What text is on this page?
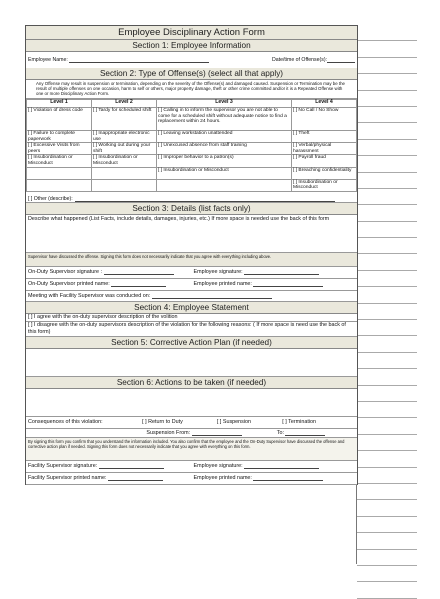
Employee Disciplinary Action Form
Section 1: Employee Information
Employee Name:	Date/time of Offense(s):
Section 2: Type of Offense(s) (select all that apply)
Any Offense may result in suspension or termination, depending on the severity of the Offense(s) and damaged caused. Suspension or Termination may be the result of multiple offenses on one occasion, harm to self or others, major property damage, theft or other crime committed and/or it is a Repeated Offense with one or more Disciplinary Action Form.
Level 1	Level 2	Level 3	Level 4
[ ] Violation of dress code	[ ] Tardy for scheduled shift	[ ] Calling in to inform the supervisor you are not able to come for a scheduled shift without adequate notice to find a replacement within 24 hours.	[ ] No Call / No Show
[ ] Failure to complete paperwork	[ ] Inappropriate electronic use	[ ] Leaving workstation unattended	[ ] Theft
[ ] Excessive Visits from peers	[ ] Working out during your shift	[ ] Unexcused absence from staff training	[ ] Verbal/physical harassment
[ ] Insubordination or Misconduct	[ ] Insubordination or Misconduct	[ ] Improper behavior to a patron(s)	[ ] Payroll fraud
		[ ] Insubordination or Misconduct	[ ] Breaching confidentiality
			[ ] Insubordination or Misconduct
[ ] Other (describe):
Section 3: Details (list facts only)
Describe what happened (List Facts, include details, damages, injuries, etc.) If more space is needed use the back of this form
Supervisor have discussed the offense. Signing this form does not necessarily indicate that you agree with everything including above.
On-Duty Supervisor signature :	Employee signature:
On-Duty Supervisor printed name:	Employee printed name:
Meeting with Facility Supervisor was conducted on:
Section 4: Employee Statement
[ ] I agree with the on-duty supervisor description of the volition
[ ] I disagree with the on-duty supervisors description of the violation for the following reasons: ( If more space is need use the back of this form)
Section 5: Corrective Action Plan (if needed)
Section 6: Actions to be taken (if needed)
Consequences of this violation:	[ ] Return to Duty	[ ] Suspension	[ ] Termination
Suspension From:	To:
By signing this form you confirm that you understand the information included. You also confirm that the employee and the On-Duty Supervisor have discussed the offense and corrective action plan if needed. Signing this form does not necessarily indicate that you agree with everything on this form.
Facility Supervisor signature:	Employee signature:
Facility Supervisor printed name:	Employee printed name:
